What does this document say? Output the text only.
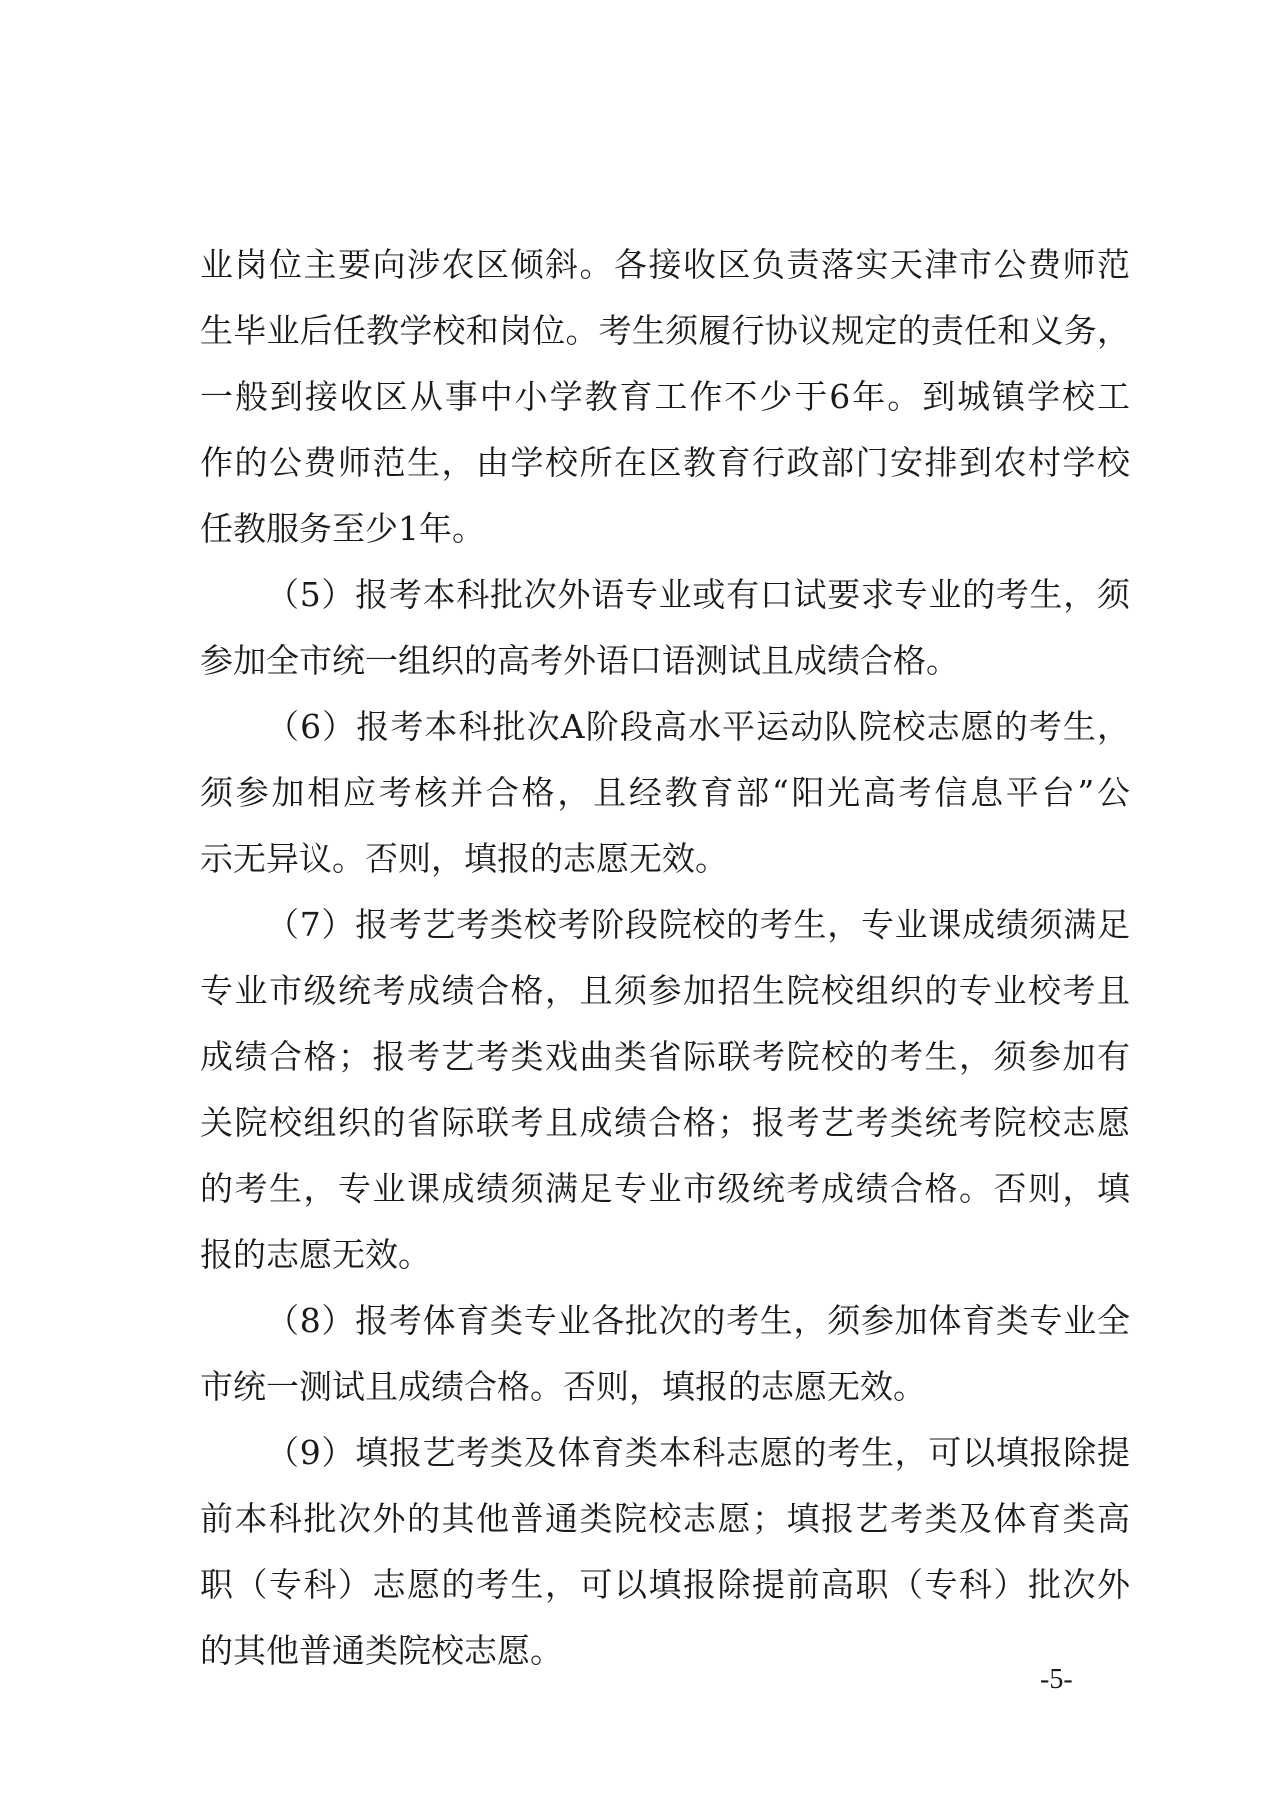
业岗位主要向涉农区倾斜。各接收区负责落实天津市公费师范
生毕业后任教学校和岗位。考生须履行协议规定的责任和义务，
一般到接收区从事中小学教育工作不少于6年。到城镇学校工
作的公费师范生，由学校所在区教育行政部门安排到农村学校
任教服务至少1年。
（5）报考本科批次外语专业或有口试要求专业的考生，须
参加全市统一组织的高考外语口语测试且成绩合格。
（6）报考本科批次A阶段高水平运动队院校志愿的考生，
须参加相应考核并合格，且经教育部“阳光高考信息平台”公
示无异议。否则，填报的志愿无效。
（7）报考艺考类校考阶段院校的考生，专业课成绩须满足
专业市级统考成绩合格，且须参加招生院校组织的专业校考且
成绩合格；报考艺考类戏曲类省际联考院校的考生，须参加有
关院校组织的省际联考且成绩合格；报考艺考类统考院校志愿
的考生，专业课成绩须满足专业市级统考成绩合格。否则，填
报的志愿无效。
（8）报考体育类专业各批次的考生，须参加体育类专业全
市统一测试且成绩合格。否则，填报的志愿无效。
（9）填报艺考类及体育类本科志愿的考生，可以填报除提
前本科批次外的其他普通类院校志愿；填报艺考类及体育类高
职（专科）志愿的考生，可以填报除提前高职（专科）批次外
的其他普通类院校志愿。
-5-
